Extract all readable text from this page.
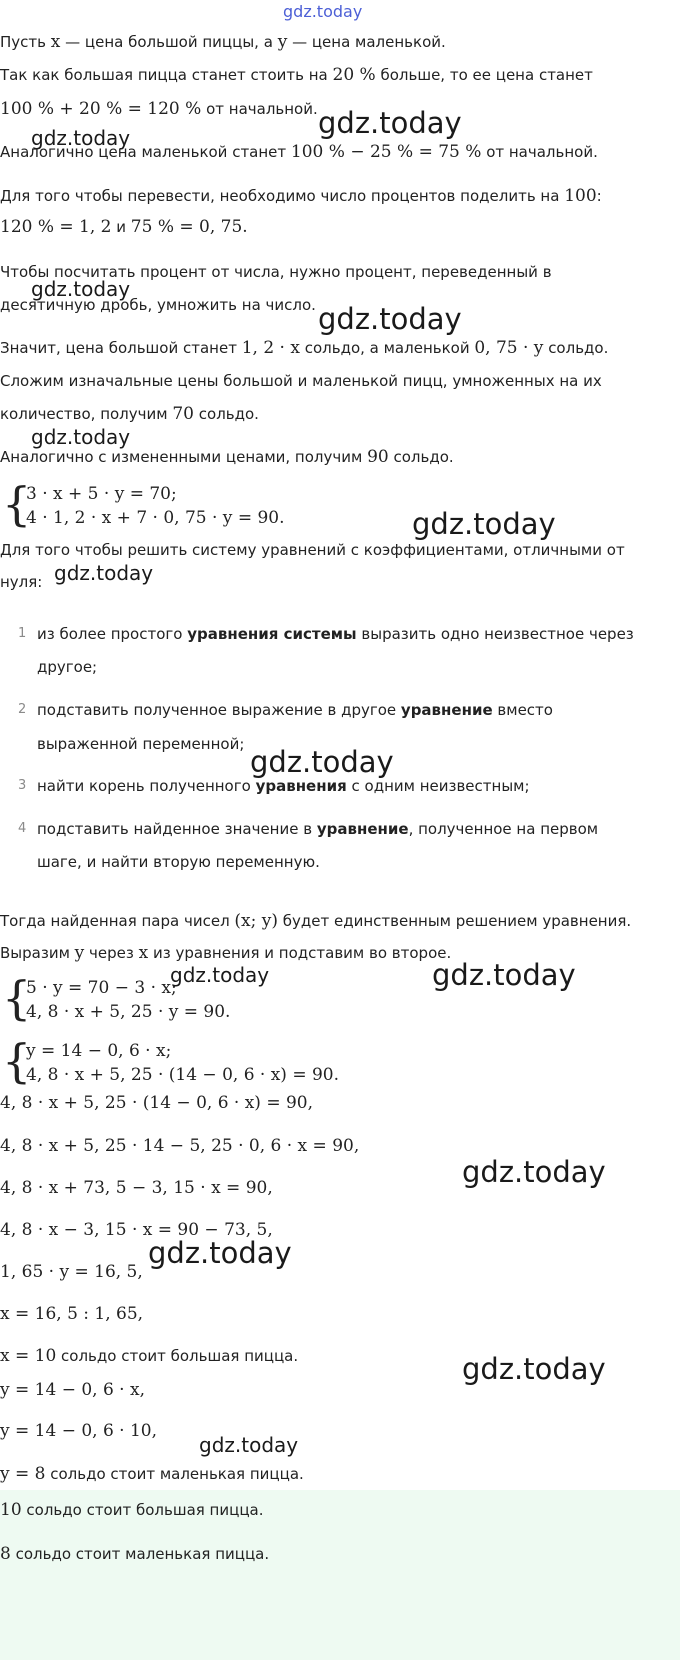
gdz.today
gdz.today	gdz.today
gdz.today
gdz.today
gdz.today
gdz.today
gdz.today
gdz.today
gdz.today	gdz.today
gdz.today
gdz.today
gdz.today
gdz.today
Пусть x — цена большой пиццы, а y — цена маленькой.
Так как большая пицца станет стоить на 20 % больше, то ее цена станет
100 % + 20 % = 120 % от начальной.
Аналогично цена маленькой станет 100 % − 25 % = 75 % от начальной.
Для того чтобы перевести, необходимо число процентов поделить на 100:
120 % = 1, 2 и 75 % = 0, 75.
Чтобы посчитать процент от числа, нужно процент, переведенный в
десятичную дробь, умножить на число.
Значит, цена большой станет 1, 2 · x сольдо, а маленькой 0, 75 · y сольдо.
Сложим изначальные цены большой и маленькой пицц, умноженных на их
количество, получим 70 сольдо.
Аналогично с измененными ценами, получим 90 сольдо.
{
3 · x + 5 · y = 70;
4 · 1, 2 · x + 7 · 0, 75 · y = 90.
Для того чтобы решить систему уравнений с коэффициентами, отличными от
нуля:
1 из более простого уравнения системы выразить одно неизвестное через
другое;
2 подставить полученное выражение в другое уравнение вместо
выраженной переменной;
3 найти корень полученного уравнения с одним неизвестным;
4 подставить найденное значение в уравнение, полученное на первом
шаге, и найти вторую переменную.
Тогда найденная пара чисел (x; y) будет единственным решением уравнения.
Выразим y через x из уравнения и подставим во второе.
{
5 · y = 70 − 3 · x;
4, 8 · x + 5, 25 · y = 90.
{
y = 14 − 0, 6 · x;
4, 8 · x + 5, 25 · (14 − 0, 6 · x) = 90.
4, 8 · x + 5, 25 · (14 − 0, 6 · x) = 90,
4, 8 · x + 5, 25 · 14 − 5, 25 · 0, 6 · x = 90,
4, 8 · x + 73, 5 − 3, 15 · x = 90,
4, 8 · x − 3, 15 · x = 90 − 73, 5,
1, 65 · y = 16, 5,
x = 16, 5 : 1, 65,
x = 10 сольдо стоит большая пицца.
y = 14 − 0, 6 · x,
y = 14 − 0, 6 · 10,
y = 8 сольдо стоит маленькая пицца.
10 сольдо стоит большая пицца.
8 сольдо стоит маленькая пицца.
